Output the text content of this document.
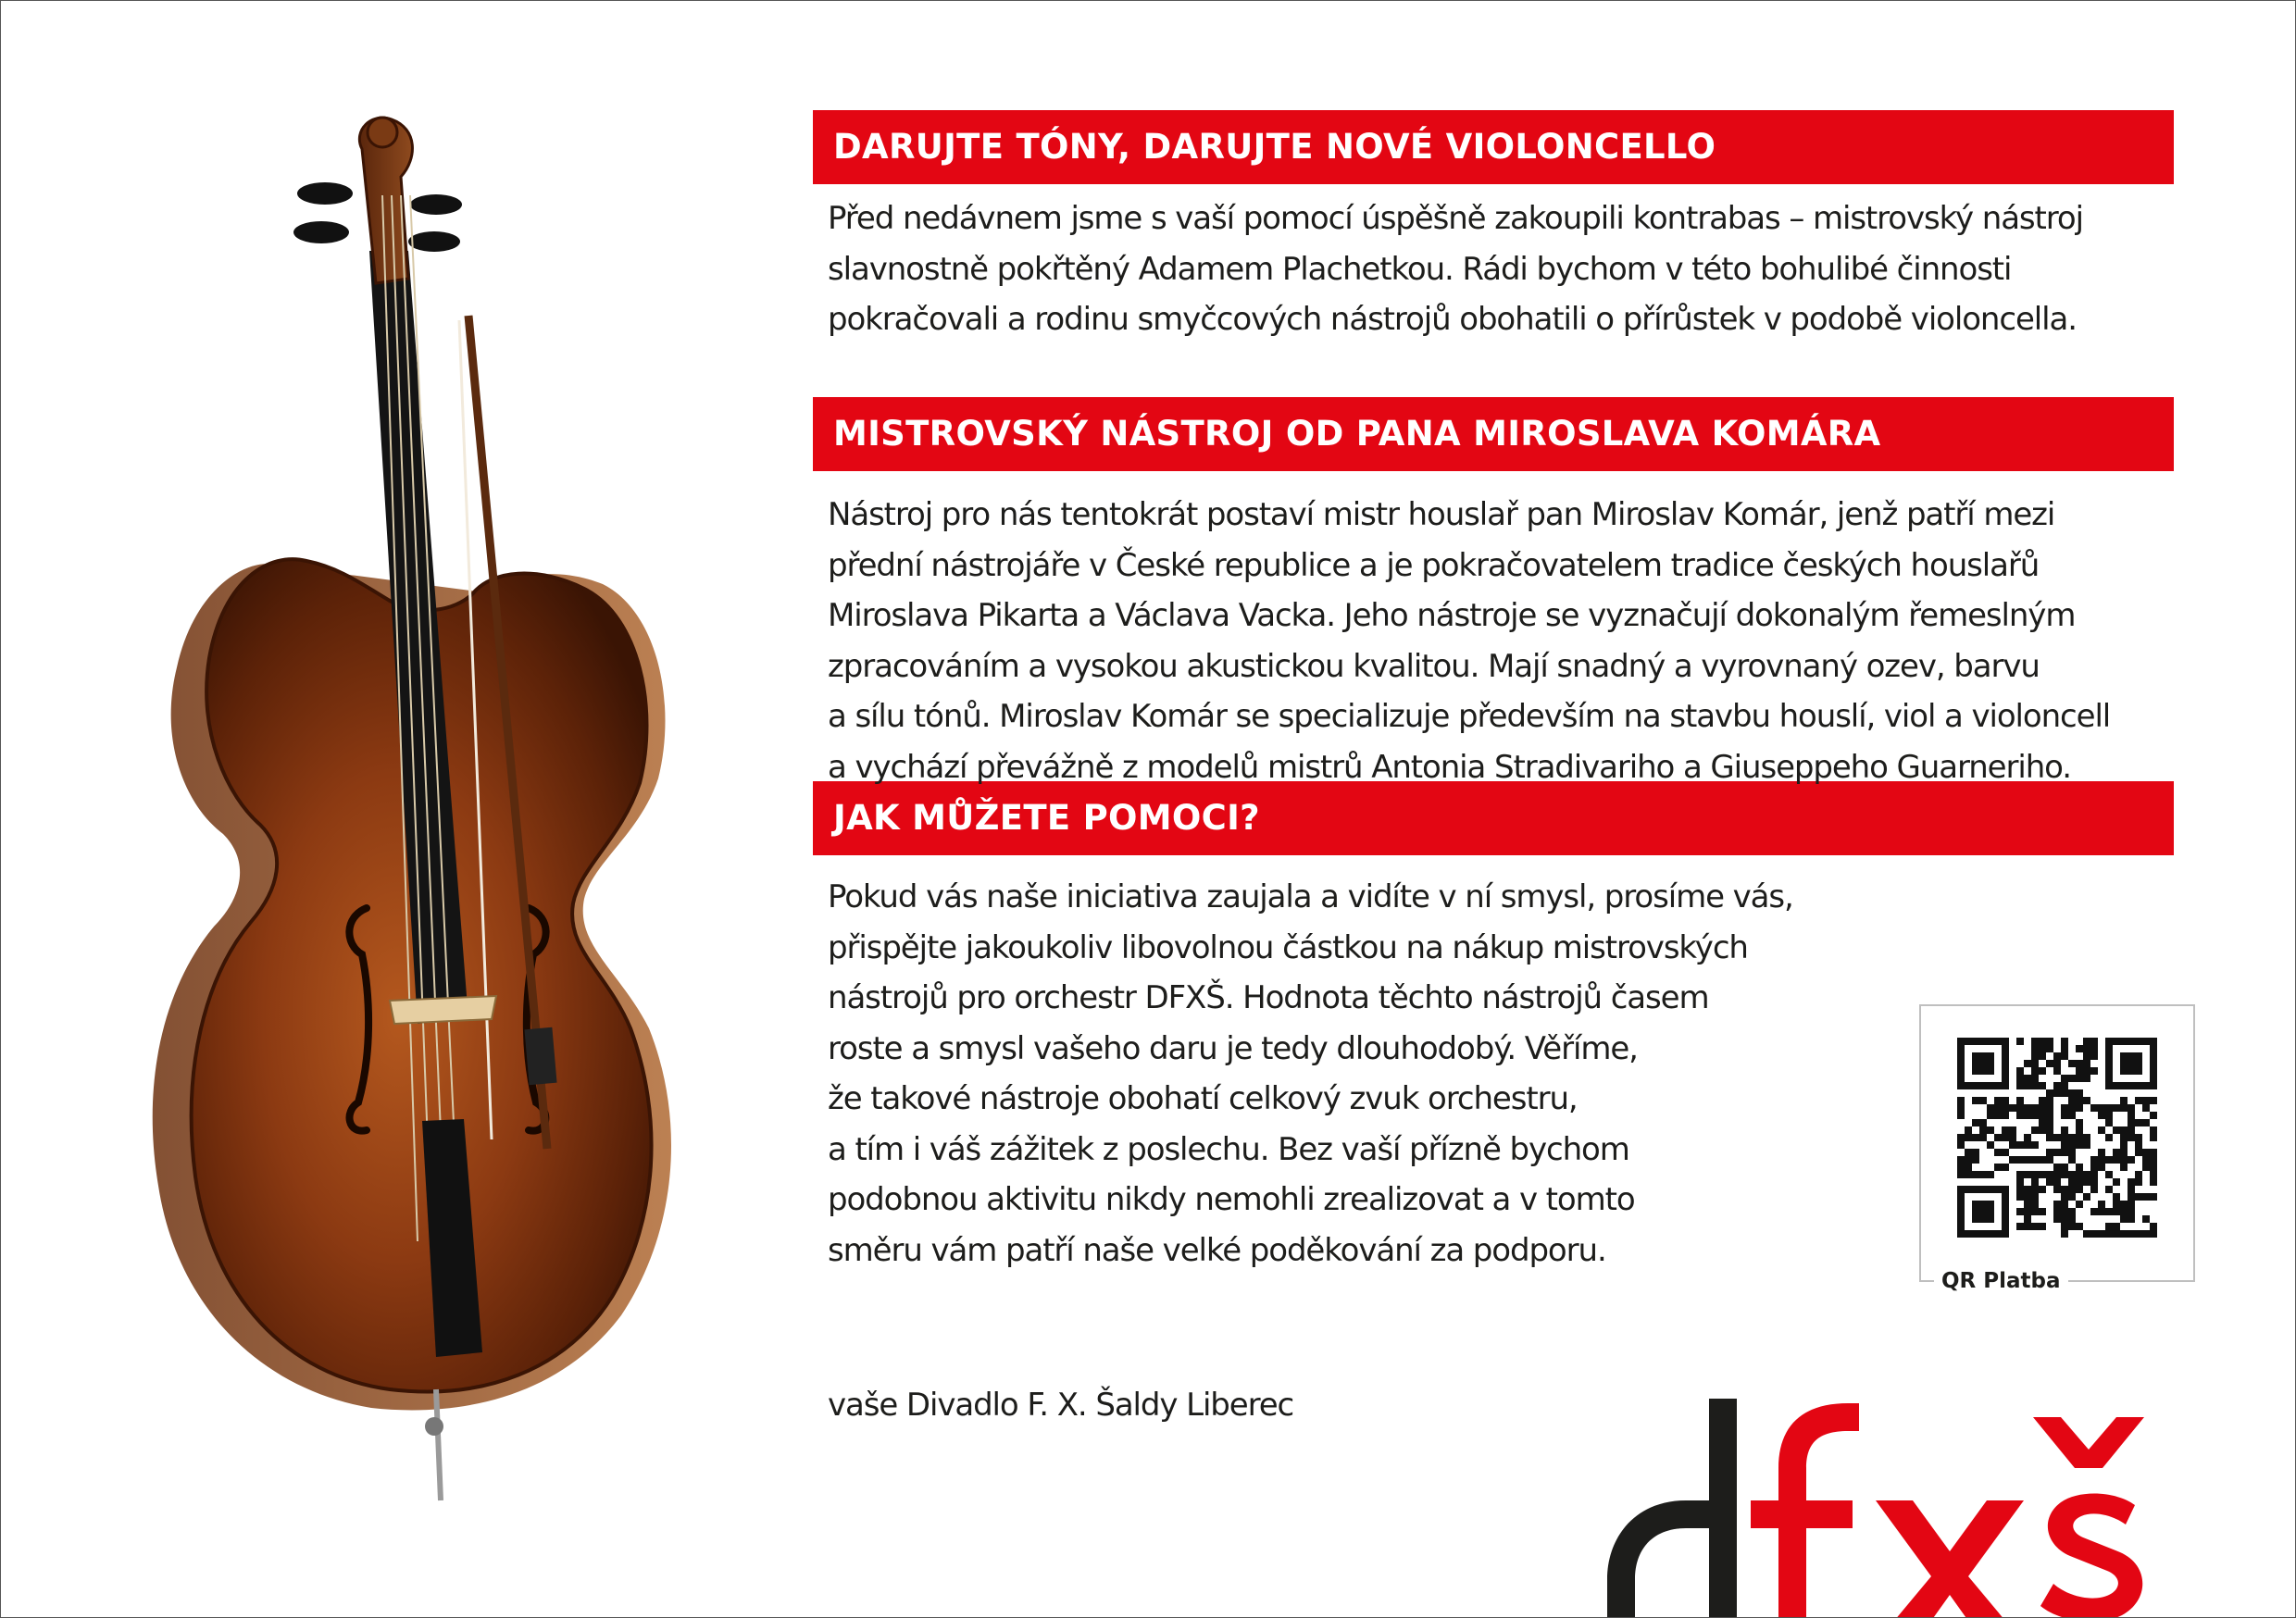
DARUJTE TÓNY, DARUJTE NOVÉ VIOLONCELLO
Před nedávnem jsme s vaší pomocí úspěšně zakoupili kontrabas – mistrovský nástroj
slavnostně pokřtěný Adamem Plachetkou. Rádi bychom v této bohulibé činnosti
pokračovali a rodinu smyčcových nástrojů obohatili o přírůstek v podobě violoncella.
MISTROVSKÝ NÁSTROJ OD PANA MIROSLAVA KOMÁRA
Nástroj pro nás tentokrát postaví mistr houslař pan Miroslav Komár, jenž patří mezi
přední nástrojáře v České republice a je pokračovatelem tradice českých houslařů
Miroslava Pikarta a Václava Vacka. Jeho nástroje se vyznačují dokonalým řemeslným
zpracováním a vysokou akustickou kvalitou. Mají snadný a vyrovnaný ozev, barvu
a sílu tónů. Miroslav Komár se specializuje především na stavbu houslí, viol a violoncell
a vychází převážně z modelů mistrů Antonia Stradivariho a Giuseppeho Guarneriho.
JAK MŮŽETE POMOCI?
Pokud vás naše iniciativa zaujala a vidíte v ní smysl, prosíme vás,
přispějte jakoukoliv libovolnou částkou na nákup mistrovských
nástrojů pro orchestr DFXŠ. Hodnota těchto nástrojů časem
roste a smysl vašeho daru je tedy dlouhodobý. Věříme,
že takové nástroje obohatí celkový zvuk orchestru,
a tím i váš zážitek z poslechu. Bez vaší přízně bychom
podobnou aktivitu nikdy nemohli zrealizovat a v tomto
směru vám patří naše velké poděkování za podporu.
vaše Divadlo F. X. Šaldy Liberec
QR Platba
